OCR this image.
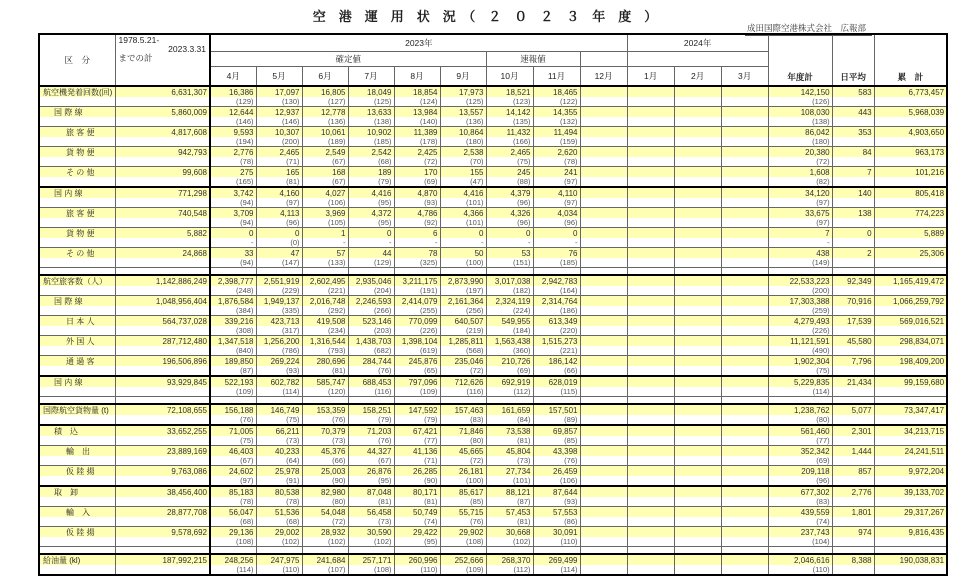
空　港　運　用　状　況　（　２　０　２　３　年　度　）
成田国際空港株式会社　広報部
区　分	1978.5.21-
2023.3.31
までの計	2023年									2024年			年度計	日平均	累　計
		確定値						速報値								
		4月	5月	6月	7月	8月	9月	10月	11月	12月	1月	2月	3月			
航空機発着回数(回)	6,631,307	16,386	17,097	16,805	18,049	18,854	17,973	18,521	18,465					142,150	583	6,773,457
		(129)	(130)	(127)	(125)	(124)	(125)	(123)	(122)					(126)		
国 際 線	5,860,009	12,644	12,937	12,778	13,633	13,984	13,557	14,142	14,355					108,030	443	5,968,039
		(146)	(146)	(136)	(138)	(140)	(136)	(135)	(132)					(138)		
旅 客 便	4,817,608	9,593	10,307	10,061	10,902	11,389	10,864	11,432	11,494					86,042	353	4,903,650
		(194)	(200)	(189)	(185)	(178)	(180)	(166)	(159)					(180)		
貨 物 便	942,793	2,776	2,465	2,549	2,542	2,425	2,538	2,465	2,620					20,380	84	963,173
		(78)	(71)	(67)	(68)	(72)	(70)	(75)	(78)					(72)		
そ の 他	99,608	275	165	168	189	170	155	245	241					1,608	7	101,216
		(165)	(81)	(67)	(79)	(69)	(47)	(88)	(97)					(82)		
国 内 線	771,298	3,742	4,160	4,027	4,416	4,870	4,416	4,379	4,110					34,120	140	805,418
		(94)	(97)	(106)	(95)	(93)	(101)	(96)	(97)					(97)		
旅 客 便	740,548	3,709	4,113	3,969	4,372	4,786	4,366	4,326	4,034					33,675	138	774,223
		(94)	(96)	(105)	(95)	(92)	(101)	(96)	(96)					(97)		
貨 物 便	5,882	0	0	1	0	6	0	0	0					7	0	5,889
		-	(0)	-	-	-	-	-	-					-		
そ の 他	24,868	33	47	57	44	78	50	53	76					438	2	25,306
		(94)	(147)	(133)	(129)	(325)	(100)	(151)	(185)					(149)		

航空旅客数（人）	1,142,886,249	2,398,777	2,551,919	2,602,495	2,935,046	3,211,175	2,873,990	3,017,038	2,942,783					22,533,223	92,349	1,165,419,472
		(248)	(229)	(221)	(204)	(191)	(197)	(182)	(164)					(200)		
国 際 線	1,048,956,404	1,876,584	1,949,137	2,016,748	2,246,593	2,414,079	2,161,364	2,324,119	2,314,764					17,303,388	70,916	1,066,259,792
		(384)	(335)	(292)	(266)	(255)	(256)	(224)	(186)					(259)		
日 本 人	564,737,028	339,216	423,713	419,508	523,146	770,099	640,507	549,955	613,349					4,279,493	17,539	569,016,521
		(308)	(317)	(234)	(203)	(226)	(219)	(184)	(220)					(226)		
外 国 人	287,712,480	1,347,518	1,256,200	1,316,544	1,438,703	1,398,104	1,285,811	1,563,438	1,515,273					11,121,591	45,580	298,834,071
		(840)	(786)	(793)	(682)	(619)	(568)	(360)	(221)					(490)		
通 過 客	196,506,896	189,850	269,224	280,696	284,744	245,876	235,046	210,726	186,142					1,902,304	7,796	198,409,200
		(87)	(93)	(81)	(76)	(65)	(72)	(69)	(66)					(75)		
国 内 線	93,929,845	522,193	602,782	585,747	688,453	797,096	712,626	692,919	628,019					5,229,835	21,434	99,159,680
		(109)	(114)	(120)	(116)	(109)	(116)	(112)	(115)					(114)		

国際航空貨物量 (t)	72,108,655	156,188	146,749	153,359	158,251	147,592	157,463	161,659	157,501					1,238,762	5,077	73,347,417
		(76)	(75)	(76)	(79)	(79)	(83)	(84)	(89)					(80)		
積　込	33,652,255	71,005	66,211	70,379	71,203	67,421	71,846	73,538	69,857					561,460	2,301	34,213,715
		(75)	(73)	(73)	(76)	(77)	(80)	(81)	(85)					(77)		
輸　出	23,889,169	46,403	40,233	45,376	44,327	41,136	45,665	45,804	43,398					352,342	1,444	24,241,511
		(67)	(64)	(66)	(67)	(71)	(72)	(73)	(76)					(69)		
仮 陸 揚	9,763,086	24,602	25,978	25,003	26,876	26,285	26,181	27,734	26,459					209,118	857	9,972,204
		(97)	(91)	(90)	(95)	(90)	(100)	(101)	(106)					(96)		
取　卸	38,456,400	85,183	80,538	82,980	87,048	80,171	85,617	88,121	87,644					677,302	2,776	39,133,702
		(78)	(78)	(80)	(81)	(81)	(85)	(87)	(93)					(83)		
輸　入	28,877,708	56,047	51,536	54,048	56,458	50,749	55,715	57,453	57,553					439,559	1,801	29,317,267
		(68)	(68)	(72)	(73)	(74)	(76)	(81)	(86)					(74)		
仮 陸 揚	9,578,692	29,136	29,002	28,932	30,590	29,422	29,902	30,668	30,091					237,743	974	9,816,435
		(108)	(102)	(102)	(102)	(95)	(108)	(102)	(110)					(104)		

給油量 (kl)	187,992,215	248,256	247,975	241,684	257,171	260,996	252,666	268,370	269,499					2,046,616	8,388	190,038,831
		(114)	(110)	(107)	(108)	(110)	(109)	(112)	(114)					(110)		
